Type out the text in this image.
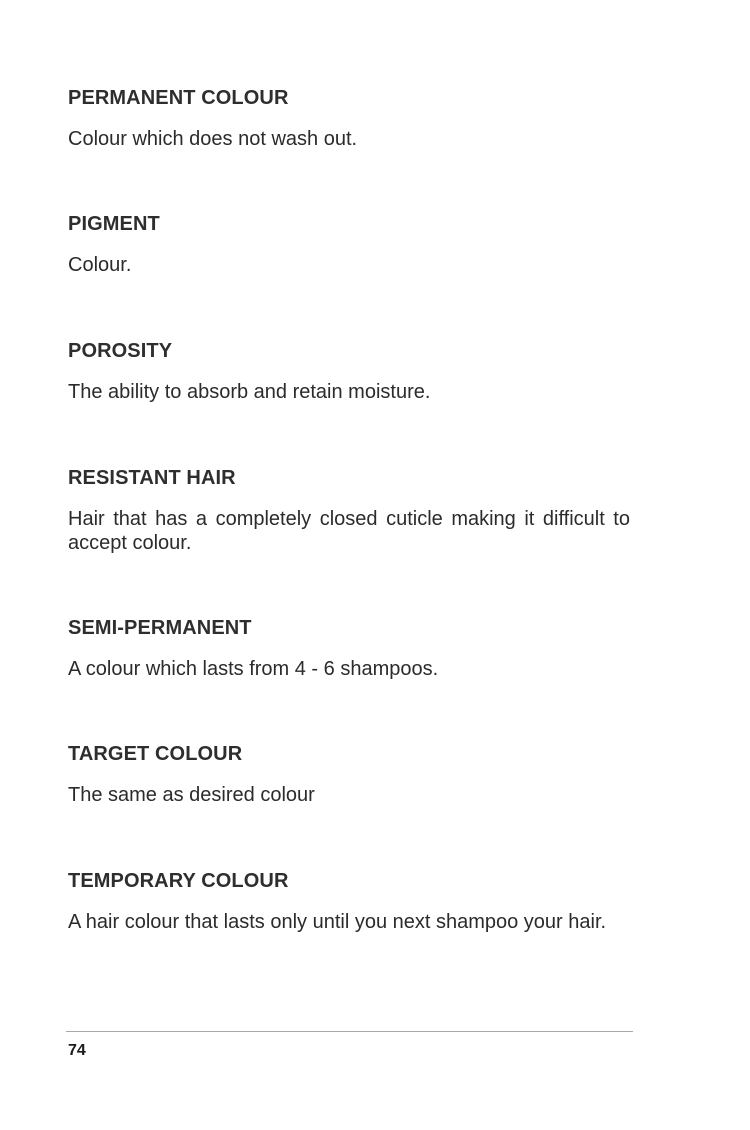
PERMANENT COLOUR

Colour which does not wash out.

PIGMENT

Colour.

POROSITY

The ability to absorb and retain moisture.

RESISTANT HAIR

Hair that has a completely closed cuticle making it difficult to accept colour.

SEMI-PERMANENT

A colour which lasts from 4 - 6 shampoos.

TARGET COLOUR

The same as desired colour

TEMPORARY COLOUR

A hair colour that lasts only until you next shampoo your hair.

74
